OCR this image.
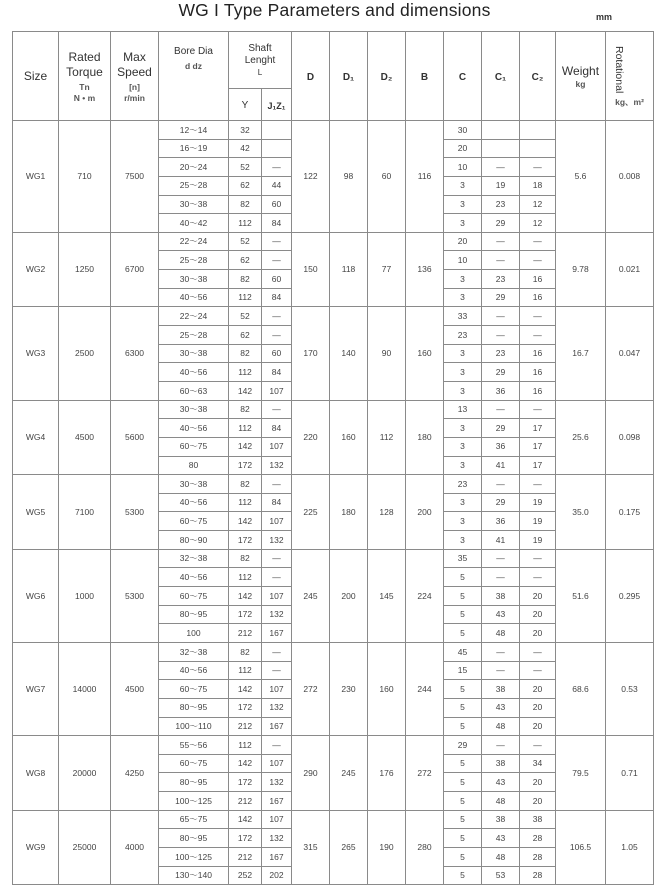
WG I Type Parameters and dimensions	mm
Size	Rated
Torque
Tn
N • m	Max
Speed
[n]
r/min	Bore Dia
d dz	Shaft
Lenght
L		D	D₁	D₂	B	C	C₁	C₂	Weight
kg	Rotational
kg、m²

				Y	J₁Z₁									
WG1	710	7500	12～14	32		122	98	60	116	30			5.6	0.008
			16～19	42						20				
			20～24	52	—					10	—	—		
			25～28	62	44					3	19	18		
			30～38	82	60					3	23	12		
			40～42	112	84					3	29	12		
WG2	1250	6700	22～24	52	—	150	118	77	136	20	—	—	9.78	0.021
			25～28	62	—					10	—	—		
			30～38	82	60					3	23	16		
			40～56	112	84					3	29	16		
WG3	2500	6300	22～24	52	—	170	140	90	160	33	—	—	16.7	0.047
			25～28	62	—					23	—	—		
			30～38	82	60					3	23	16		
			40～56	112	84					3	29	16		
			60～63	142	107					3	36	16		
WG4	4500	5600	30～38	82	—	220	160	112	180	13	—	—	25.6	0.098
			40～56	112	84					3	29	17		
			60～75	142	107					3	36	17		
			80	172	132					3	41	17		
WG5	7100	5300	30～38	82	—	225	180	128	200	23	—	—	35.0	0.175
			40～56	112	84					3	29	19		
			60～75	142	107					3	36	19		
			80～90	172	132					3	41	19		
WG6	1000	5300	32～38	82	—	245	200	145	224	35	—	—	51.6	0.295
			40～56	112	—					5	—	—		
			60～75	142	107					5	38	20		
			80～95	172	132					5	43	20		
			100	212	167					5	48	20		
WG7	14000	4500	32～38	82	—	272	230	160	244	45	—	—	68.6	0.53
			40～56	112	—					15	—	—		
			60～75	142	107					5	38	20		
			80～95	172	132					5	43	20		
			100～110	212	167					5	48	20		
WG8	20000	4250	55～56	112	—	290	245	176	272	29	—	—	79.5	0.71
			60～75	142	107					5	38	34		
			80～95	172	132					5	43	20		
			100～125	212	167					5	48	20		
WG9	25000	4000	65～75	142	107	315	265	190	280	5	38	38	106.5	1.05
			80～95	172	132					5	43	28		
			100～125	212	167					5	48	28		
			130～140	252	202					5	53	28		
